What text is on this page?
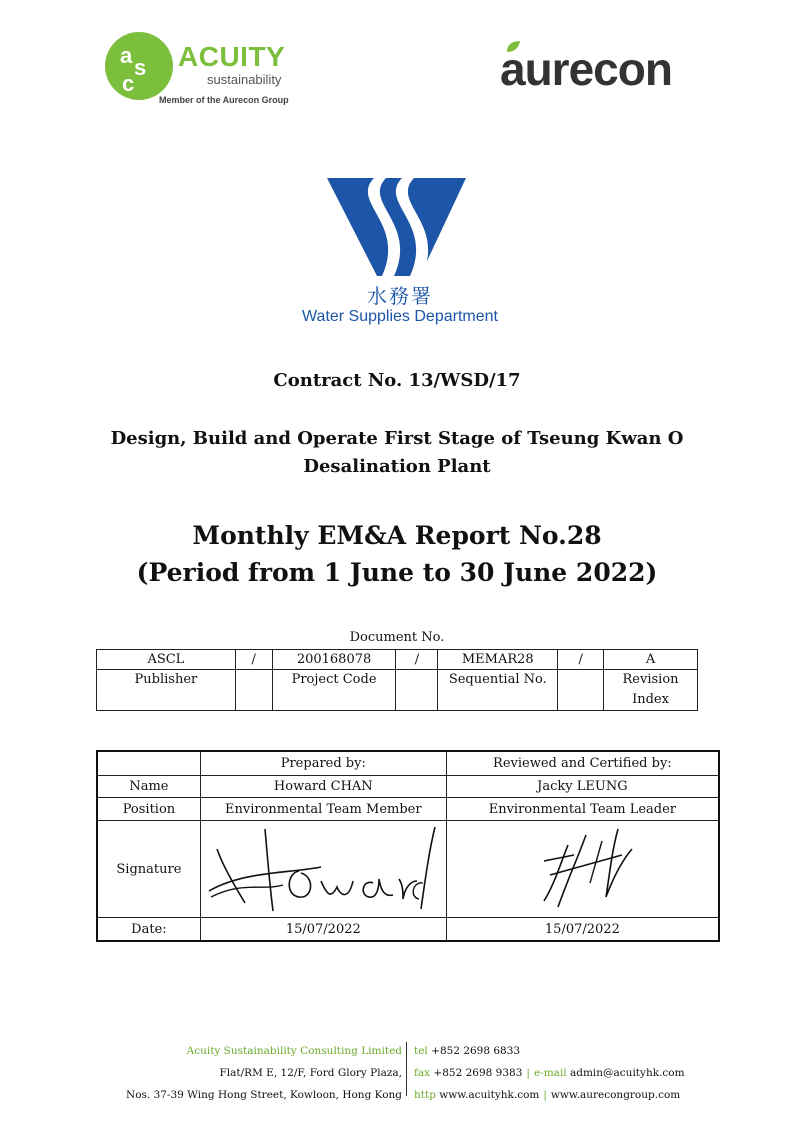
a s
c
ACUITY
sustainability
Member of the Aurecon Group
aurecon
水務署
Water Supplies Department
Contract No. 13/WSD/17
Design, Build and Operate First Stage of Tseung Kwan O
Desalination Plant
Monthly EM&A Report No.28
(Period from 1 June to 30 June 2022)
Document No.
ASCL	/	200168078	/	MEMAR28	/	A
Publisher		Project Code		Sequential No.		Revision Index
	Prepared by:	Reviewed and Certified by:
Name	Howard CHAN	Jacky LEUNG
Position	Environmental Team Member	Environmental Team Leader
Signature		
Date:	15/07/2022	15/07/2022
Acuity Sustainability Consulting Limited
Flat/RM E, 12/F, Ford Glory Plaza,
Nos. 37-39 Wing Hong Street, Kowloon, Hong Kong
tel +852 2698 6833
fax +852 2698 9383 | e-mail admin@acuityhk.com
http www.acuityhk.com | www.aurecongroup.com
